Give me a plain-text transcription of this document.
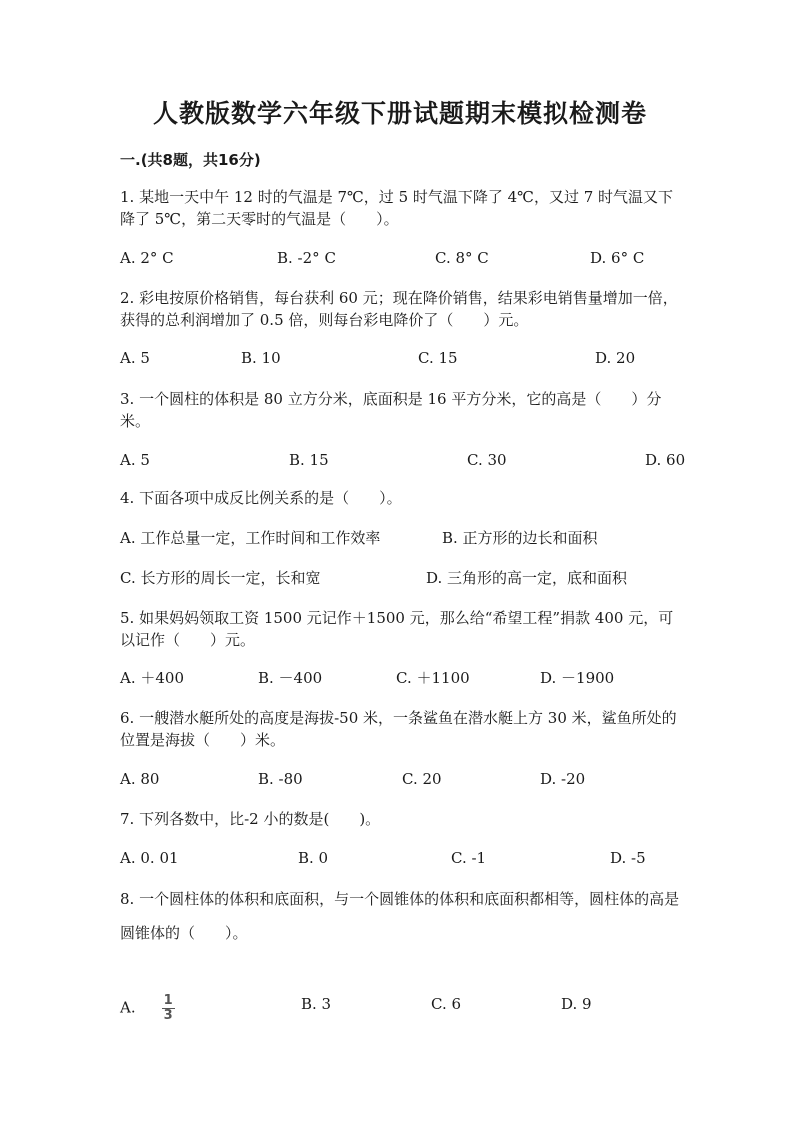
人教版数学六年级下册试题期末模拟检测卷
一.(共8题，共16分)

1. 某地一天中午 12 时的气温是 7℃，过 5 时气温下降了 4℃，又过 7 时气温又下降了 5℃，第二天零时的气温是（　　）。

A. 2° C	B. -2° C	C. 8° C	D. 6° C

2. 彩电按原价格销售，每台获利 60 元；现在降价销售，结果彩电销售量增加一倍，获得的总利润增加了 0.5 倍，则每台彩电降价了（　　）元。

A. 5	B. 10	C. 15	D. 20

3. 一个圆柱的体积是 80 立方分米，底面积是 16 平方分米，它的高是（　　）分米。

A. 5	B. 15	C. 30	D. 60

4. 下面各项中成反比例关系的是（　　）。

A. 工作总量一定，工作时间和工作效率	B. 正方形的边长和面积
C. 长方形的周长一定，长和宽	D. 三角形的高一定，底和面积

5. 如果妈妈领取工资 1500 元记作＋1500 元，那么给“希望工程”捐款 400 元，可以记作（　　）元。

A. ＋400	B. －400	C. ＋1100	D. －1900

6. 一艘潜水艇所处的高度是海拔-50 米，一条鲨鱼在潜水艇上方 30 米，鲨鱼所处的位置是海拔（　　）米。

A. 80	B. -80	C. 20	D. -20

7. 下列各数中，比-2 小的数是(　　)。

A. 0. 01	B. 0	C. -1	D. -5

8. 一个圆柱体的体积和底面积，与一个圆锥体的体积和底面积都相等，圆柱体的高是圆锥体的（　　）。

A. $\frac{1}{3}$	B. 3	C. 6	D. 9
